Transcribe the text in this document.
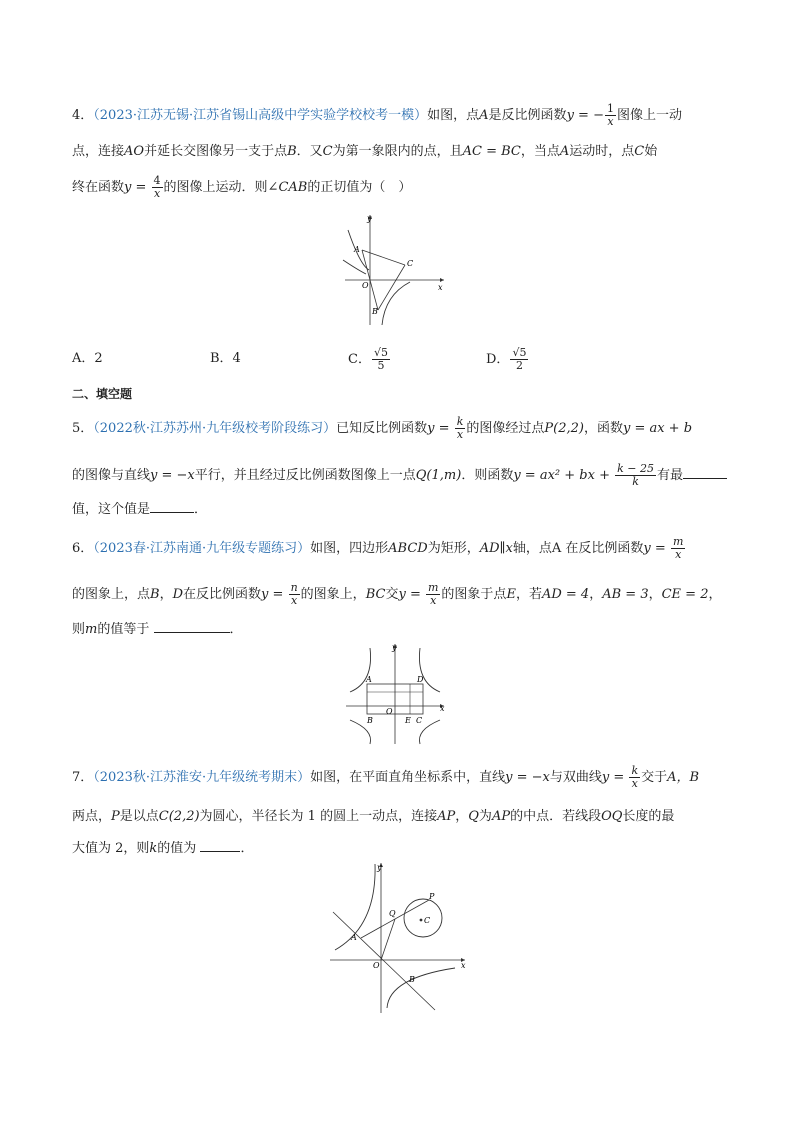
4．（2023·江苏无锡·江苏省锡山高级中学实验学校校考一模）如图，点A是反比例函数y = − $\frac{1}{x}$ 图像上一动
点，连接AO并延长交图像另一支于点B．又C为第一象限内的点，且AC = BC，当点A运动时，点C始
终在函数$y = \frac{4}{x}$ 的图像上运动．则∠CAB的正切值为（　）
y
A
O
C
x
B
A．2	B．4	C． $\frac{√5}{5}$	D． $\frac{√5}{2}$
二、填空题
5．（2022秋·江苏苏州·九年级校考阶段练习）已知反比例函数$y = \frac{k}{x}$ 的图像经过点P(2,2)，函数y = ax + b
的图像与直线y = −x平行，并且经过反比例函数图像上一点Q(1,m)．则函数y = ax² + bx + $\frac{k - 25}{k}$ 有最
值，这个值是	．
6．（2023春·江苏南通·九年级专题练习）如图，四边形ABCD为矩形，AD∥x轴，点A 在反比例函数$y = \frac{m}{x}$
的图象上，点B，D在反比例函数$y = \frac{n}{x}$ 的图象上，BC交$y = \frac{m}{x}$ 的图象于点E，若AD = 4，AB = 3，CE = 2，
则m的值等于	．
y
A	D
O	x
B	E C
7．（2023秋·江苏淮安·九年级统考期末）如图，在平面直角坐标系中，直线y = −x与双曲线$y = \frac{k}{x}$ 交于A，B
两点，P是以点C(2,2)为圆心，半径长为 1 的圆上一动点，连接AP，Q为AP的中点．若线段OQ长度的最
大值为 2，则k的值为	．
y
P
Q
C
A
O	x
B
